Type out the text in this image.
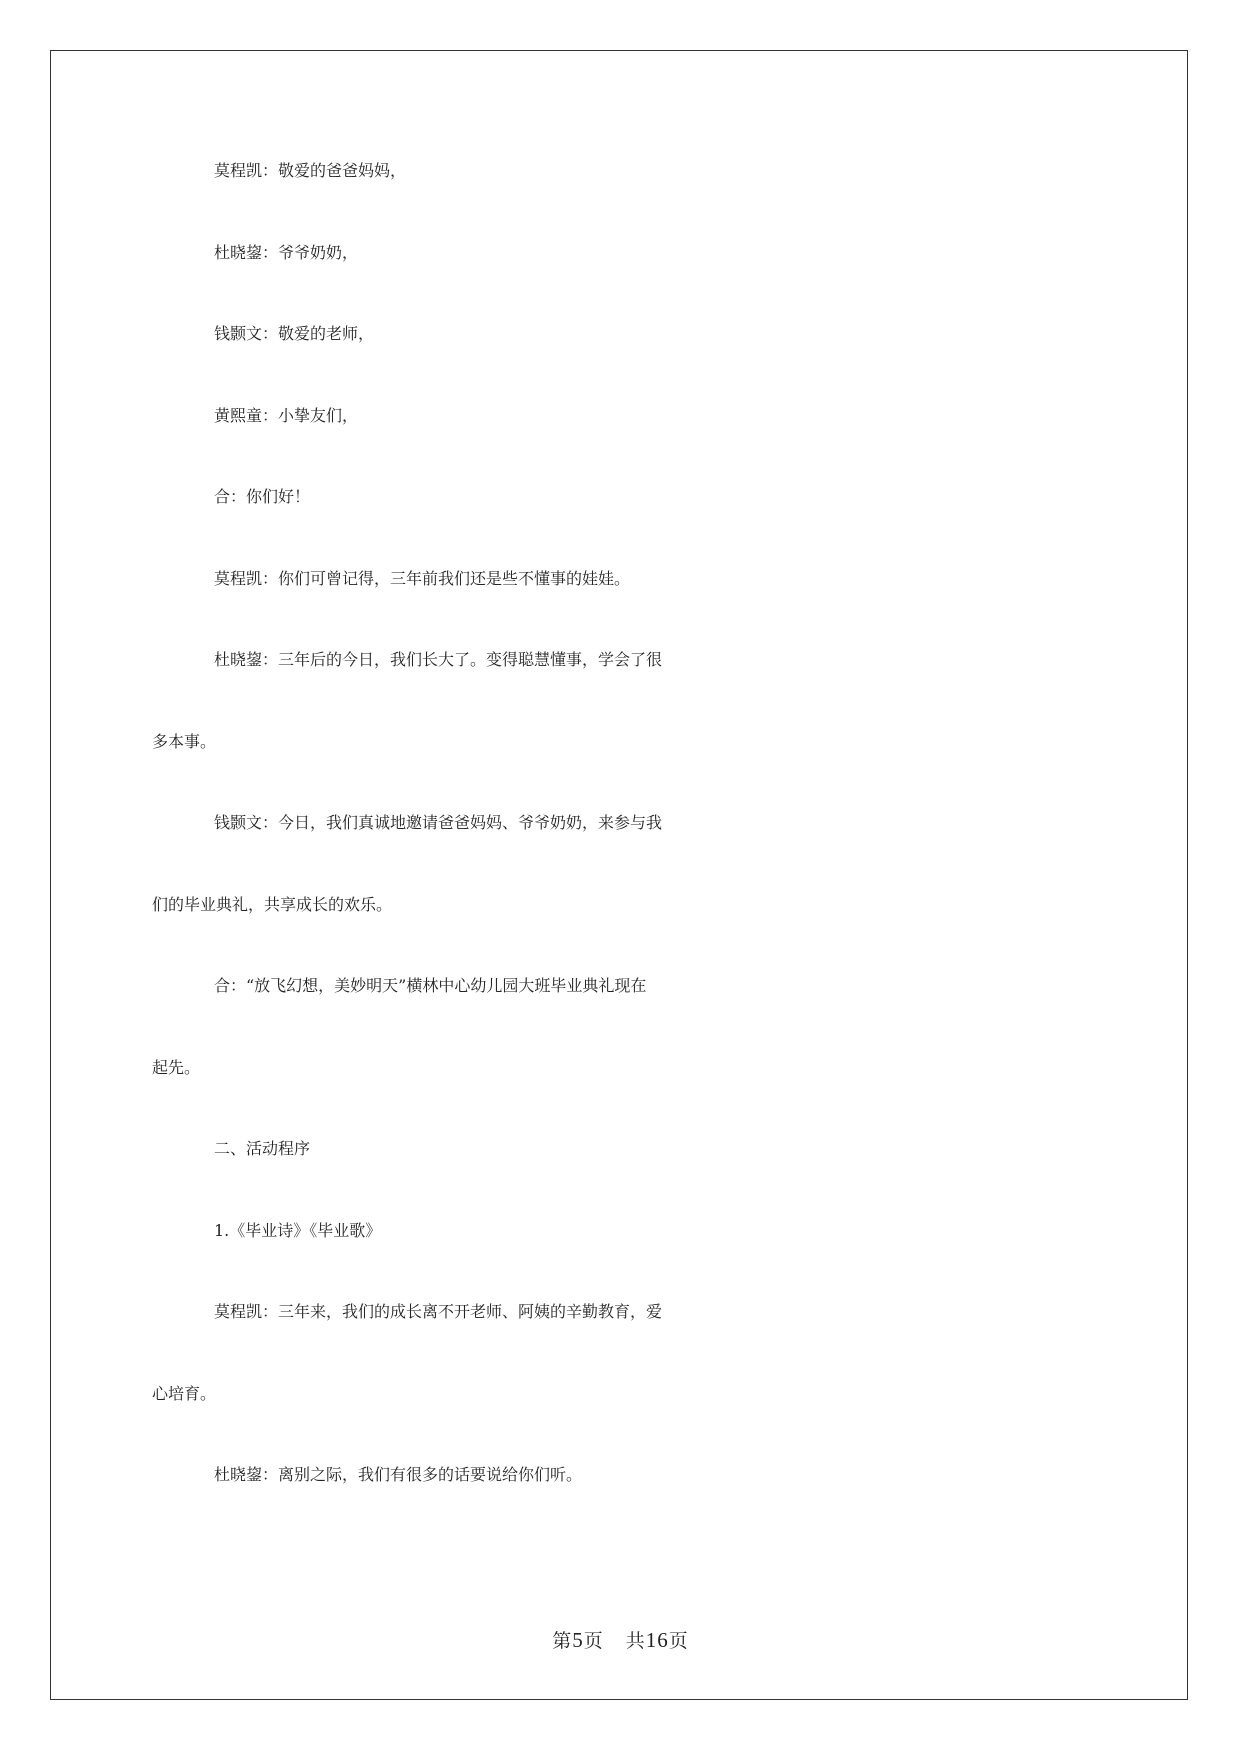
莫程凯：敬爱的爸爸妈妈，
杜晓鋆：爷爷奶奶，
钱颢文：敬爱的老师，
黄熙童：小挚友们，
合：你们好！
莫程凯：你们可曾记得，三年前我们还是些不懂事的娃娃。
杜晓鋆：三年后的今日，我们长大了。变得聪慧懂事，学会了很
多本事。
钱颢文：今日，我们真诚地邀请爸爸妈妈、爷爷奶奶，来参与我
们的毕业典礼，共享成长的欢乐。
合：“放飞幻想，美妙明天”横林中心幼儿园大班毕业典礼现在
起先。
二、活动程序
1.《毕业诗》《毕业歌》
莫程凯：三年来，我们的成长离不开老师、阿姨的辛勤教育，爱
心培育。
杜晓鋆：离别之际，我们有很多的话要说给你们听。
第5页 共16页
